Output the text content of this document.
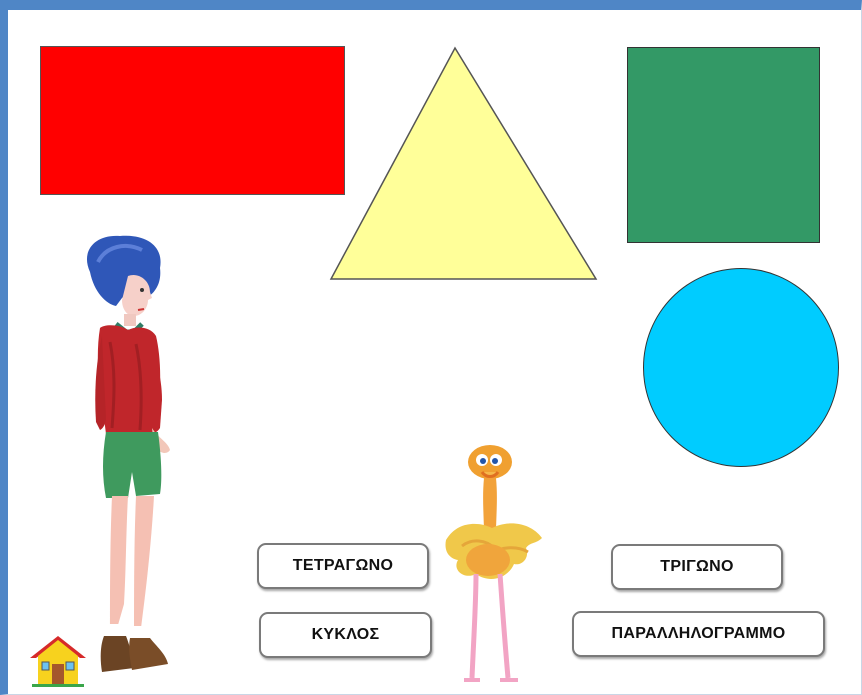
ΤΕΤΡΑΓΩΝΟ
ΚΥΚΛΟΣ
ΤΡΙΓΩΝΟ
ΠΑΡΑΛΛΗΛΟΓΡΑΜΜΟ
